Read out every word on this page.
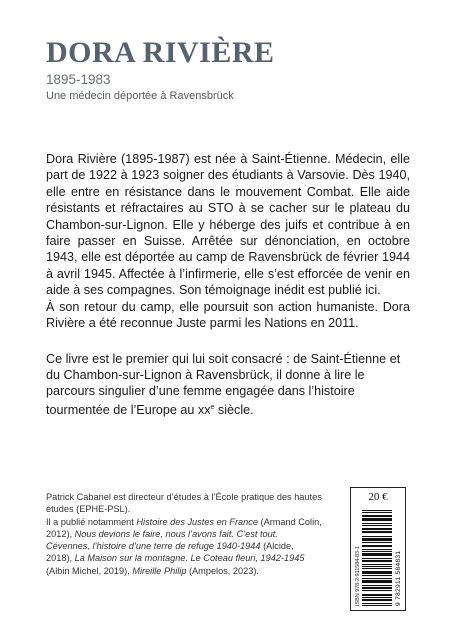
DORA RIVIÈRE
1895-1983
Une médecin déportée à Ravensbrück

Dora Rivière (1895-1987) est née à Saint-Étienne. Médecin, elle part de 1922 à 1923 soigner des étudiants à Varsovie. Dès 1940, elle entre en résistance dans le mouvement Combat. Elle aide résistants et réfractaires au STO à se cacher sur le plateau du Chambon-sur-Lignon. Elle y héberge des juifs et contribue à en faire passer en Suisse. Arrêtée sur dénonciation, en octobre 1943, elle est déportée au camp de Ravensbrück de février 1944 à avril 1945. Affectée à l’infirmerie, elle s’est efforcée de venir en aide à ses compagnes. Son témoignage inédit est publié ici.

À son retour du camp, elle poursuit son action humaniste. Dora Rivière a été reconnue Juste parmi les Nations en 2011.

Ce livre est le premier qui lui soit consacré : de Saint-Étienne et du Chambon-sur-Lignon à Ravensbrück, il donne à lire le parcours singulier d’une femme engagée dans l’histoire tourmentée de l’Europe au $xx^e$ siècle.

Patrick Cabanel est directeur d’études à l’École pratique des hautes études (EPHE-PSL).

Il a publié notamment Histoire des Justes en France (Armand Colin, 2012), Nous devions le faire, nous l’avons fait. C’est tout. Cévennes, l’histoire d’une terre de refuge 1940-1944 (Alcide, 2018), La Maison sur la montagne. Le Coteau fleuri, 1942-1945 (Albin Michel, 2019), Mireille Philip (Ampelos, 2023).

20 €
ISBN 978-2-911584-83-1	9 782911 584831
